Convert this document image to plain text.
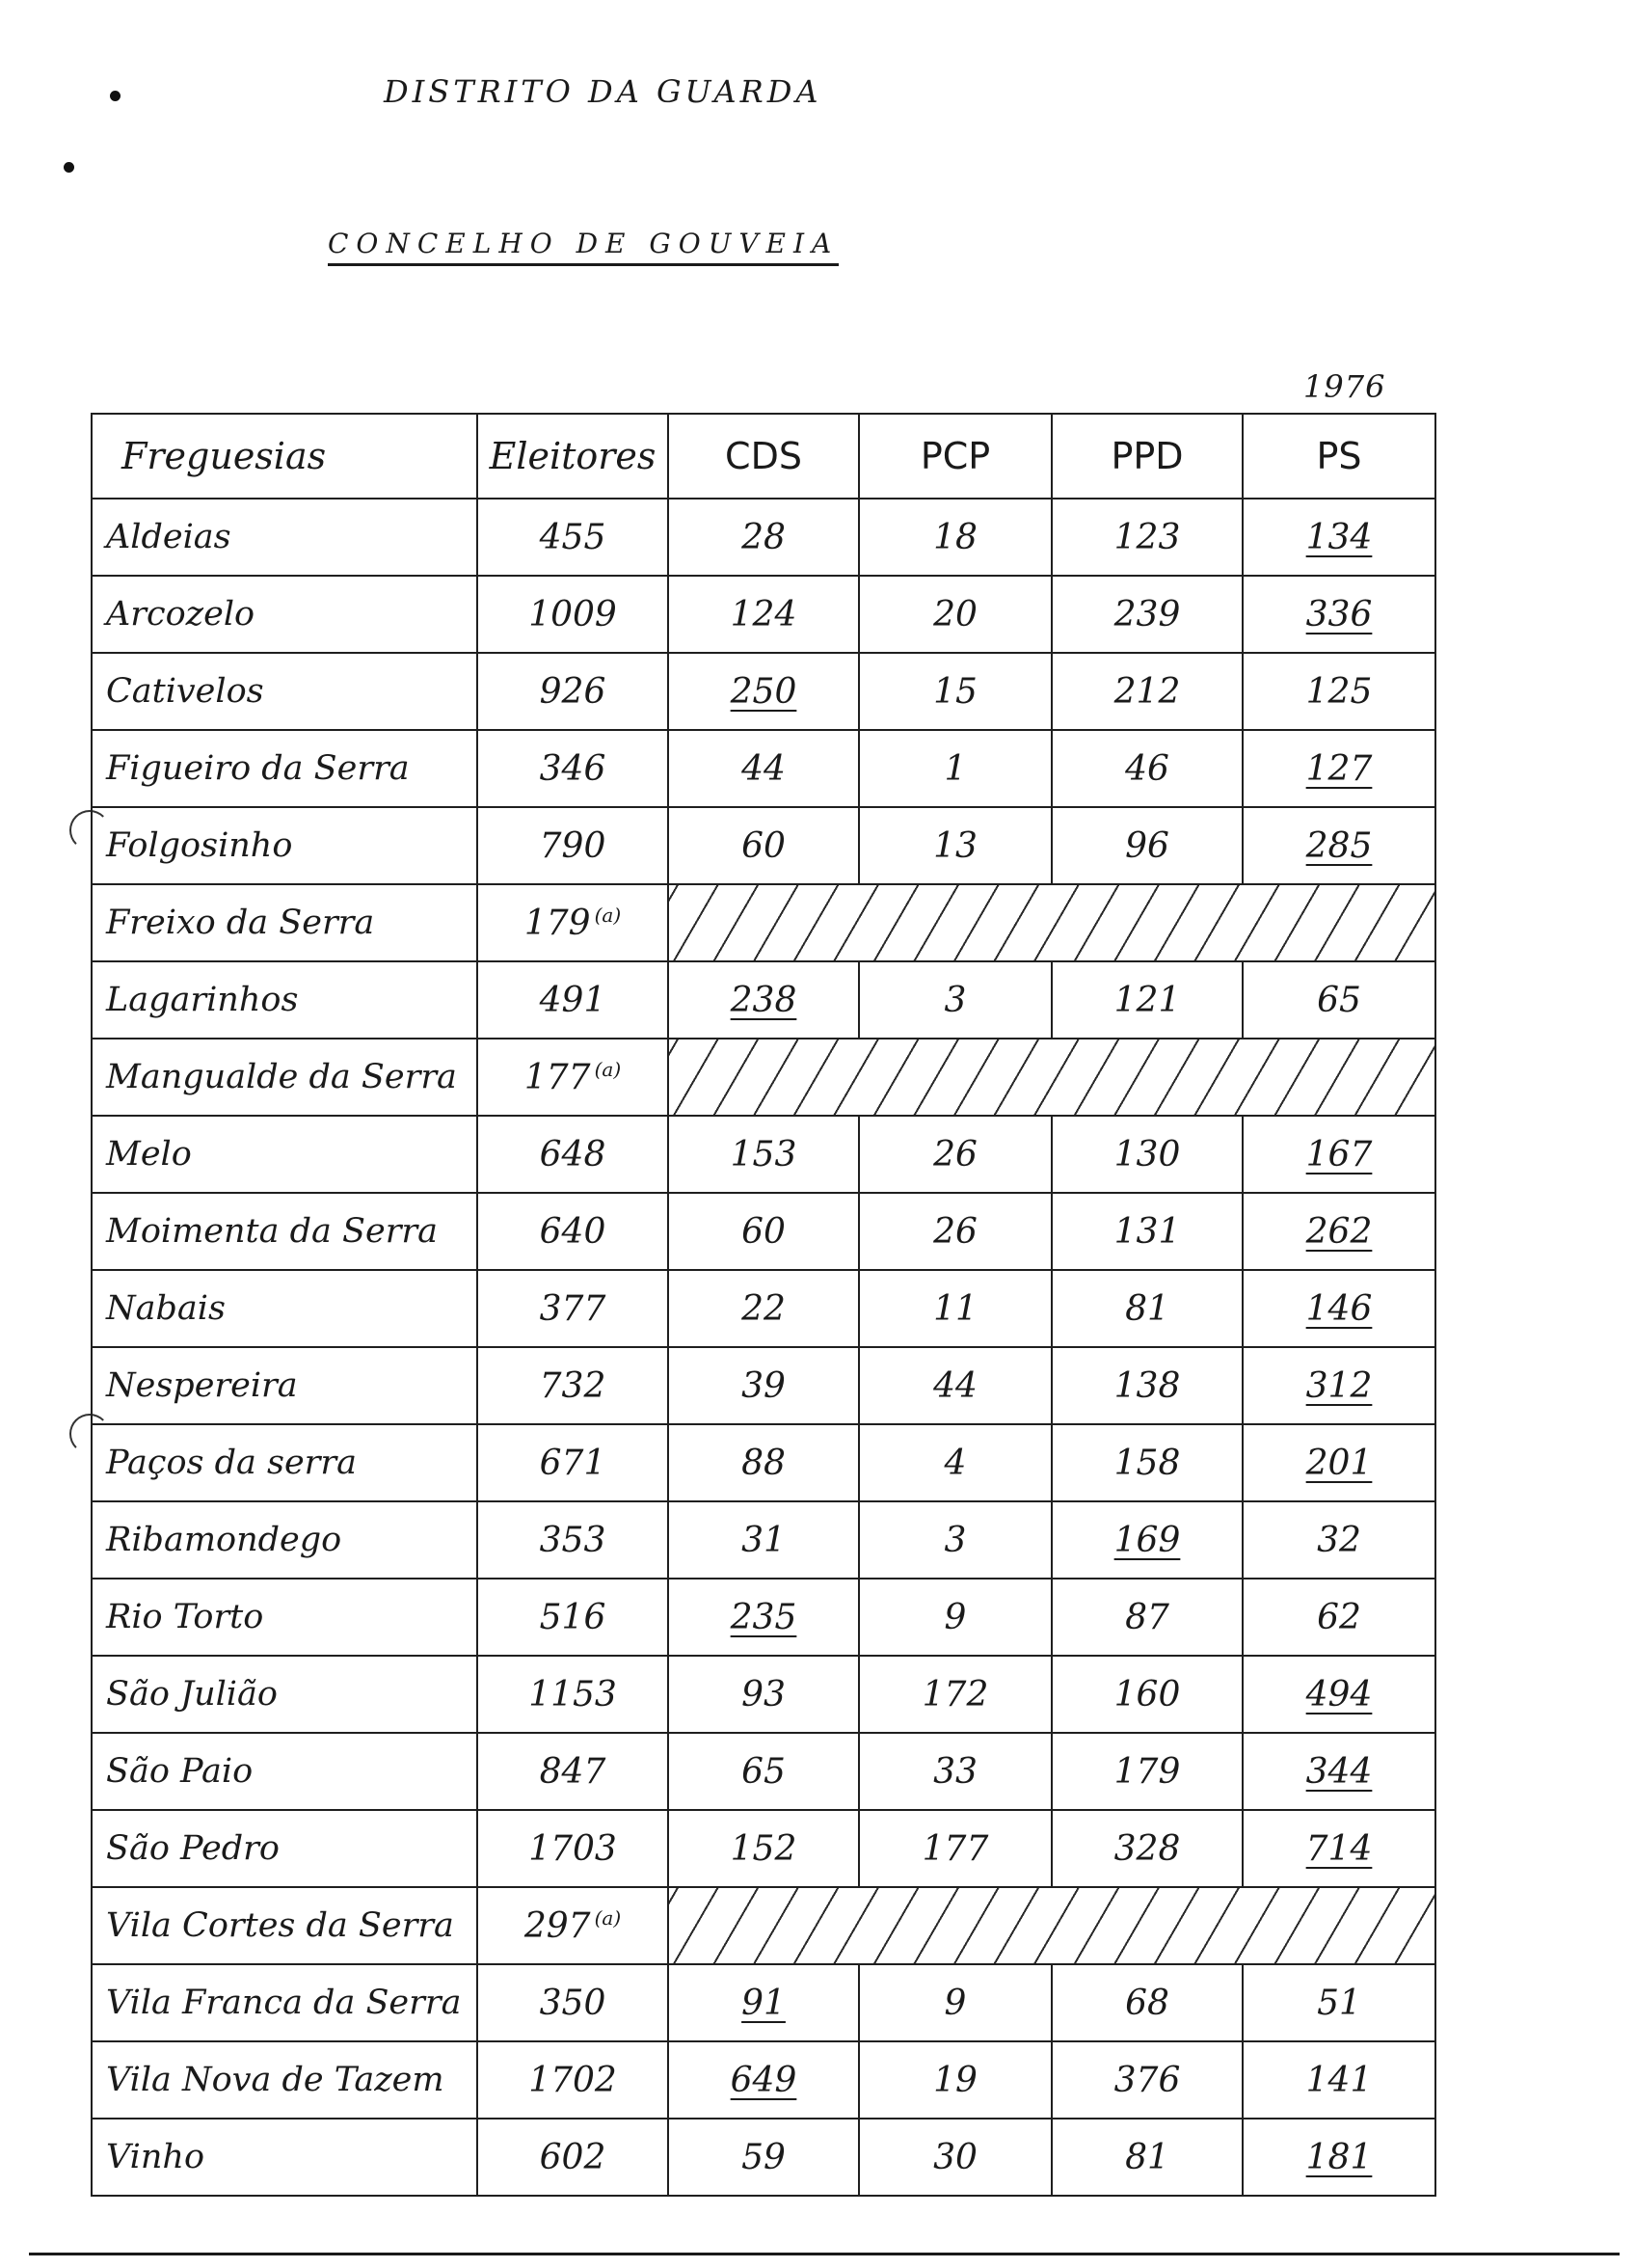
DISTRITO DA GUARDA
CONCELHO DE GOUVEIA
1976
Freguesias	Eleitores	CDS	PCP	PPD	PS
Aldeias	455	28	18	123	134
Arcozelo	1009	124	20	239	336
Cativelos	926	250	15	212	125
Figueiro da Serra	346	44	1	46	127
Folgosinho	790	60	13	96	285
Freixo da Serra	179 $^{(a)}$	
Lagarinhos	491	238	3	121	65
Mangualde da Serra	177 $^{(a)}$	
Melo	648	153	26	130	167
Moimenta da Serra	640	60	26	131	262
Nabais	377	22	11	81	146
Nespereira	732	39	44	138	312
Paços da serra	671	88	4	158	201
Ribamondego	353	31	3	169	32
Rio Torto	516	235	9	87	62
São Julião	1153	93	172	160	494
São Paio	847	65	33	179	344
São Pedro	1703	152	177	328	714
Vila Cortes da Serra	297 $^{(a)}$	
Vila Franca da Serra	350	91	9	68	51
Vila Nova de Tazem	1702	649	19	376	141
Vinho	602	59	30	81	181
